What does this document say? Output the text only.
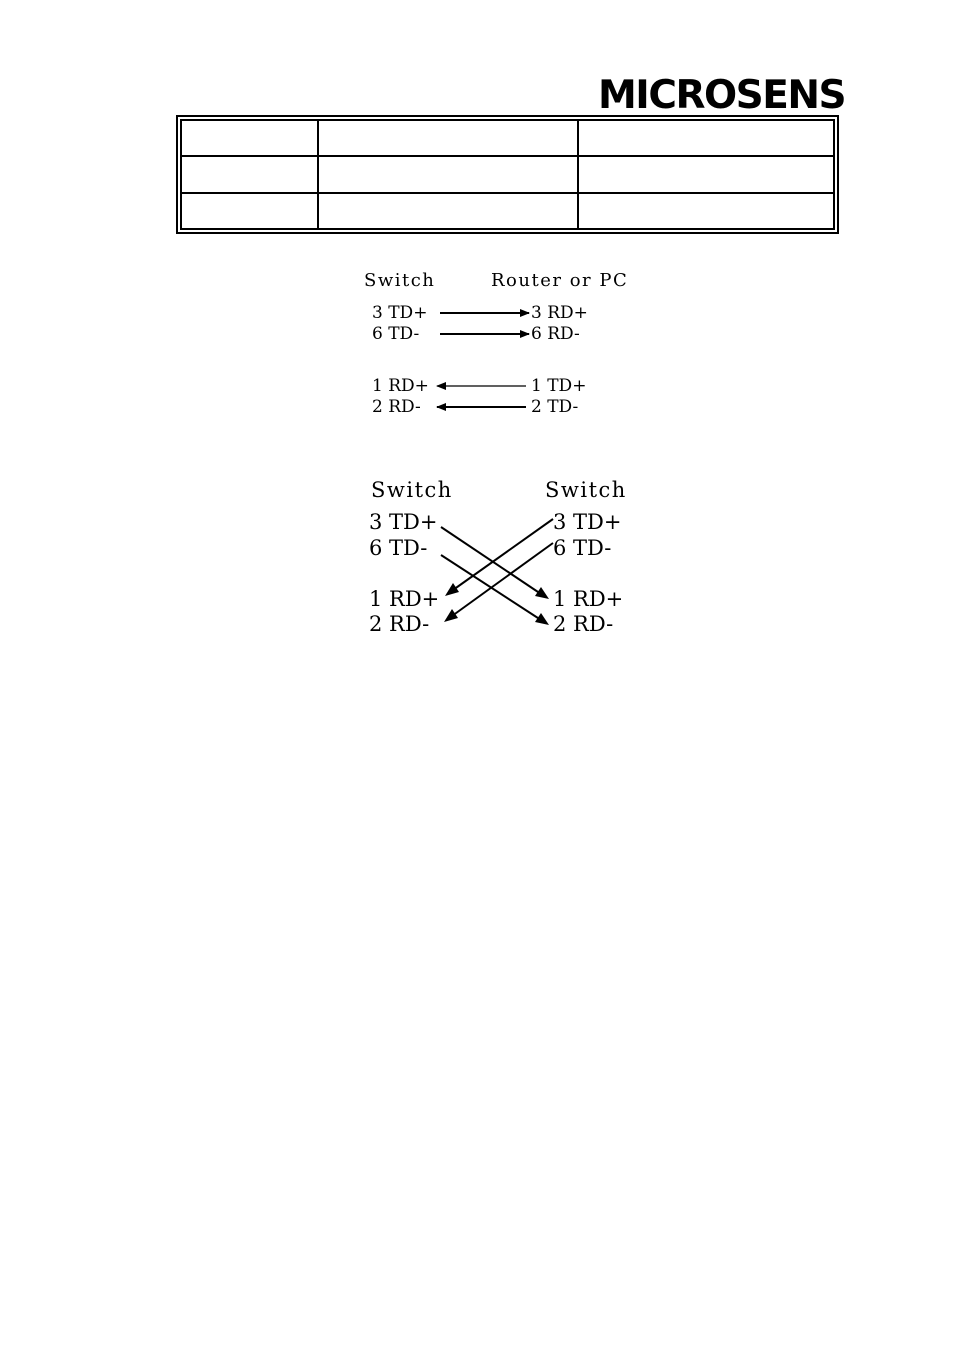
MICROSENS

Switch	Router or PC
3 TD+	3 RD+
6 TD-	6 RD-
1 RD+	1 TD+
2 RD-	2 TD-
Switch	Switch
3 TD+
6 TD-
1 RD+
2 RD-
3 TD+
6 TD-
1 RD+
2 RD-
